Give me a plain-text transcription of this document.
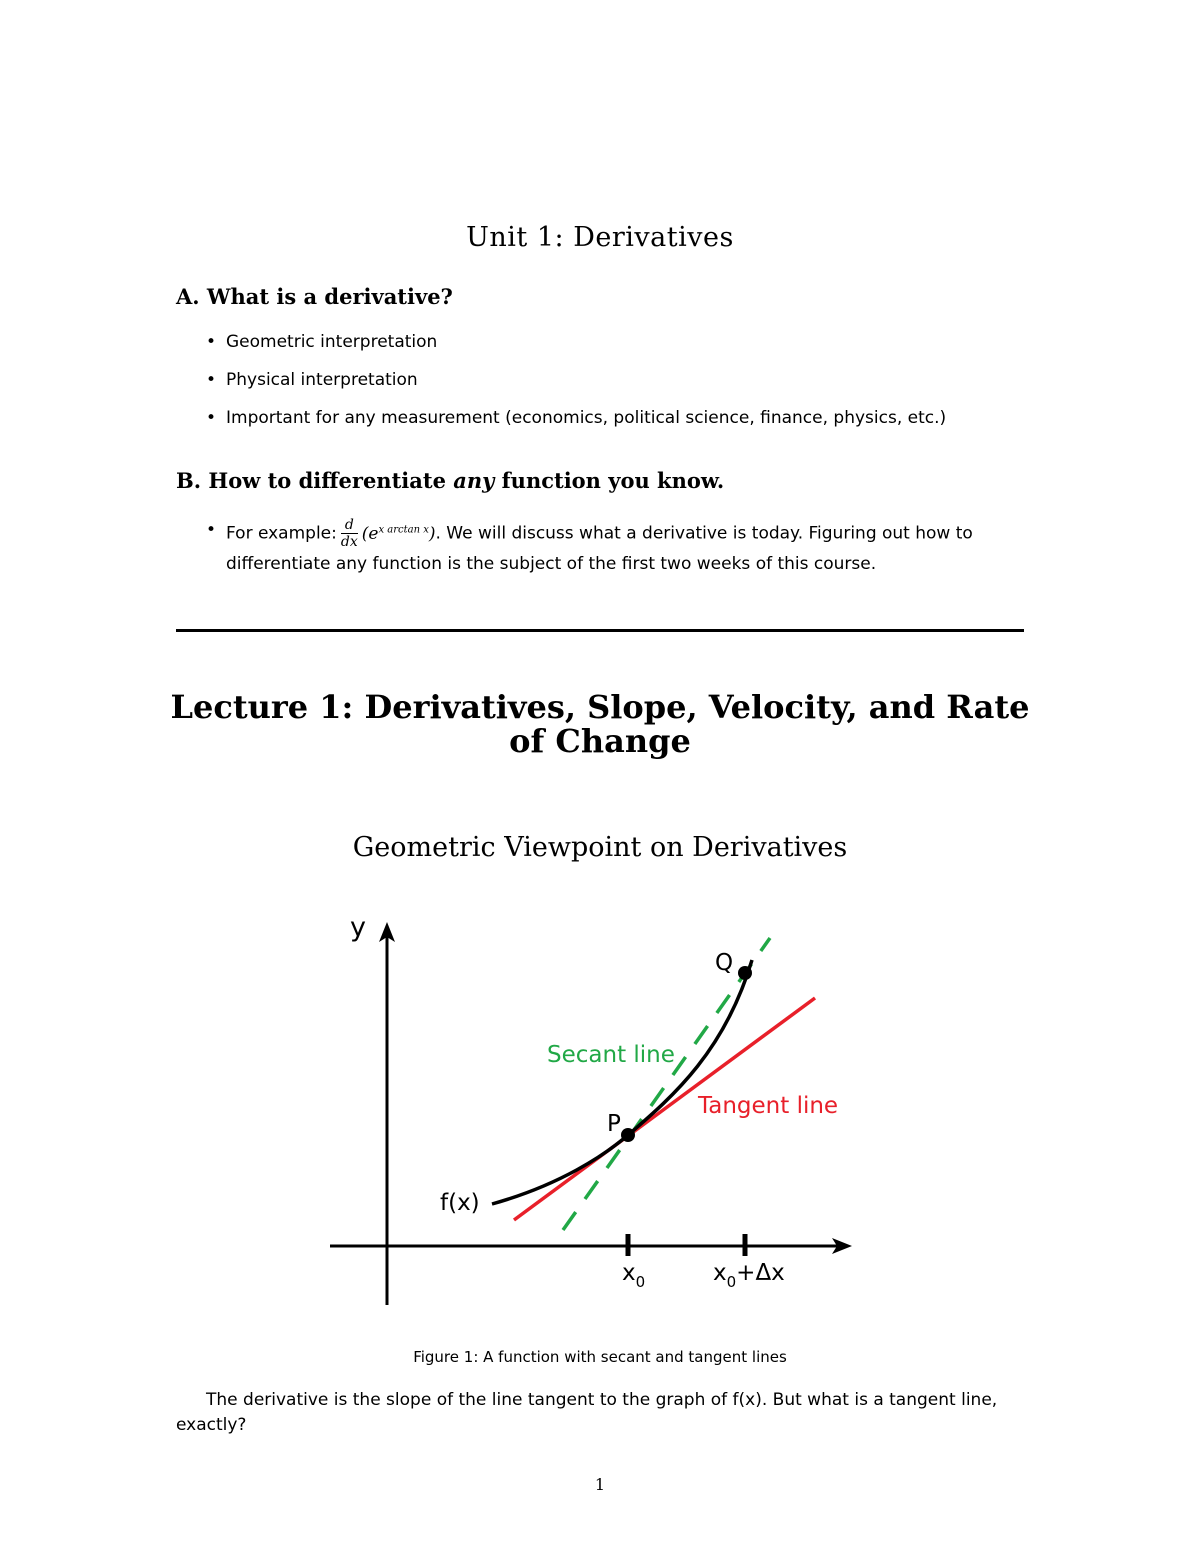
Unit 1: Derivatives
A. What is a derivative?
• Geometric interpretation
• Physical interpretation
• Important for any measurement (economics, political science, finance, physics, etc.)
B. How to differentiate any function you know.
• For example: $\frac{d}{dx} (e^{x arctan x})$. We will discuss what a derivative is today. Figuring out how to differentiate any function is the subject of the first two weeks of this course.
Lecture 1: Derivatives, Slope, Velocity, and Rate of Change
Geometric Viewpoint on Derivatives
y
Q
P
f(x)
Secant line
Tangent line
$x_0$	$x_0+\Delta x$
Figure 1: A function with secant and tangent lines
The derivative is the slope of the line tangent to the graph of f(x). But what is a tangent line, exactly?
1
